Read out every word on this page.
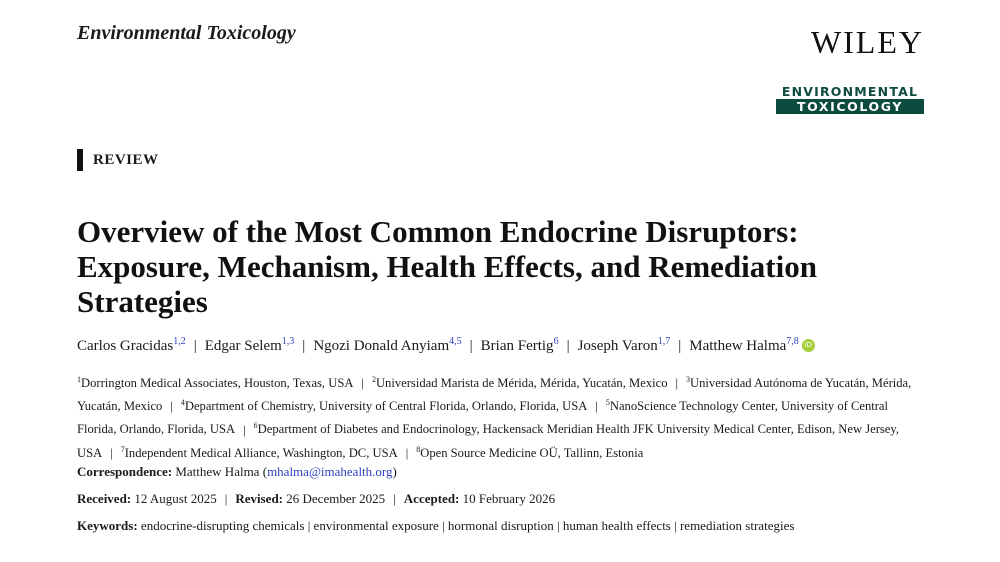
Environmental Toxicology	WILEY
ENVIRONMENTAL
TOXICOLOGY
REVIEW
Overview of the Most Common Endocrine Disruptors: Exposure, Mechanism, Health Effects, and Remediation Strategies
Carlos Gracidas$^{1,2}$ | Edgar Selem$^{1,3}$ | Ngozi Donald Anyiam$^{4,5}$ | Brian Fertig$^6$ | Joseph Varon$^{1,7}$ | Matthew Halma$^{7,8}$ iD
$^1$Dorrington Medical Associates, Houston, Texas, USA | $^2$Universidad Marista de Mérida, Mérida, Yucatán, Mexico | $^3$Universidad Autónoma de Yucatán, Mérida, Yucatán, Mexico | $^4$Department of Chemistry, University of Central Florida, Orlando, Florida, USA | $^5$NanoScience Technology Center, University of Central Florida, Orlando, Florida, USA | $^6$Department of Diabetes and Endocrinology, Hackensack Meridian Health JFK University Medical Center, Edison, New Jersey, USA | $^7$Independent Medical Alliance, Washington, DC, USA | $^8$Open Source Medicine OÜ, Tallinn, Estonia
Correspondence: Matthew Halma (mhalma@imahealth.org)
Received: 12 August 2025 | Revised: 26 December 2025 | Accepted: 10 February 2026
Keywords: endocrine-disrupting chemicals | environmental exposure | hormonal disruption | human health effects | remediation strategies
